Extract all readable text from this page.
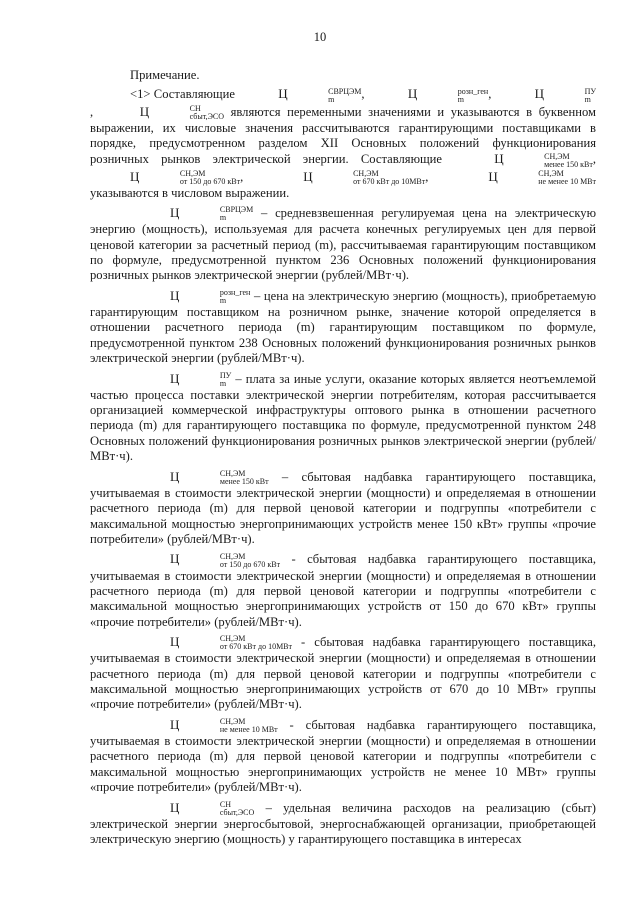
10

Примечание.

<1> Составляющие	Ц	СВРЦЭМ
m	,	Ц	розн_ген
m	,	Ц	ПУ
m
,	Ц	СН
сбыт,ЭСО являются переменными значениями и указываются в буквенном выражении, их числовые значения рассчитываются гарантирующими поставщиками в порядке, предусмотренном разделом XII Основных положений функционирования розничных рынков электрической энергии. Составляющие	Ц	СН,ЭМ
менее 150 кВт , Ц	СН,ЭМ
от 150 до 670 кВт ,	Ц	СН,ЭМ
от 670 кВт до 10МВт ,	Ц	СН,ЭМ
не менее 10 МВт
указываются в числовом выражении.

Ц	СВРЦЭМ
m	– средневзвешенная регулируемая цена на электрическую энергию (мощность), используемая для расчета конечных регулируемых цен для первой ценовой категории за расчетный период (m), рассчитываемая гарантирующим поставщиком по формуле, предусмотренной пунктом 236 Основных положений функционирования розничных рынков электрической энергии (рублей/МВт·ч).

Ц	розн_ген
m	– цена на электрическую энергию (мощность), приобретаемую гарантирующим поставщиком на розничном рынке, значение которой определяется в отношении расчетного периода (m) гарантирующим поставщиком по формуле, предусмотренной пунктом 238 Основных положений функционирования розничных рынков электрической энергии (рублей/МВт·ч).

Ц	ПУ
m – плата за иные услуги, оказание которых является неотъемлемой частью процесса поставки электрической энергии потребителям, которая рассчитывается организацией коммерческой инфраструктуры оптового рынка в отношении расчетного периода (m) для гарантирующего поставщика по формуле, предусмотренной пунктом 248 Основных положений функционирования розничных рынков электрической энергии (рублей/МВт·ч).

Ц	СН,ЭМ
менее 150 кВт – сбытовая надбавка гарантирующего поставщика, учитываемая в стоимости электрической энергии (мощности) и определяемая в отношении расчетного периода (m) для первой ценовой категории и подгруппы «потребители с максимальной мощностью энергопринимающих устройств менее 150 кВт» группы «прочие потребители» (рублей/МВт·ч).

Ц	СН,ЭМ
от 150 до 670 кВт - сбытовая надбавка гарантирующего поставщика, учитываемая в стоимости электрической энергии (мощности) и определяемая в отношении расчетного периода (m) для первой ценовой категории и подгруппы «потребители с максимальной мощностью энергопринимающих устройств от 150 до 670 кВт» группы «прочие потребители» (рублей/МВт·ч).

Ц	СН,ЭМ
от 670 кВт до 10МВт - сбытовая надбавка гарантирующего поставщика, учитываемая в стоимости электрической энергии (мощности) и определяемая в отношении расчетного периода (m) для первой ценовой категории и подгруппы «потребители с максимальной мощностью энергопринимающих устройств от 670 до 10 МВт» группы «прочие потребители» (рублей/МВт·ч).

Ц	СН,ЭМ
не менее 10 МВт - сбытовая надбавка гарантирующего поставщика, учитываемая в стоимости электрической энергии (мощности) и определяемая в отношении расчетного периода (m) для первой ценовой категории и подгруппы «потребители с максимальной мощностью энергопринимающих устройств не менее 10 МВт» группы «прочие потребители» (рублей/МВт·ч).

Ц	СН
сбыт,ЭСО – удельная величина расходов на реализацию (сбыт) электрической энергии энергосбытовой, энергоснабжающей организации, приобретающей электрическую энергию (мощность) у гарантирующего поставщика в интересах
